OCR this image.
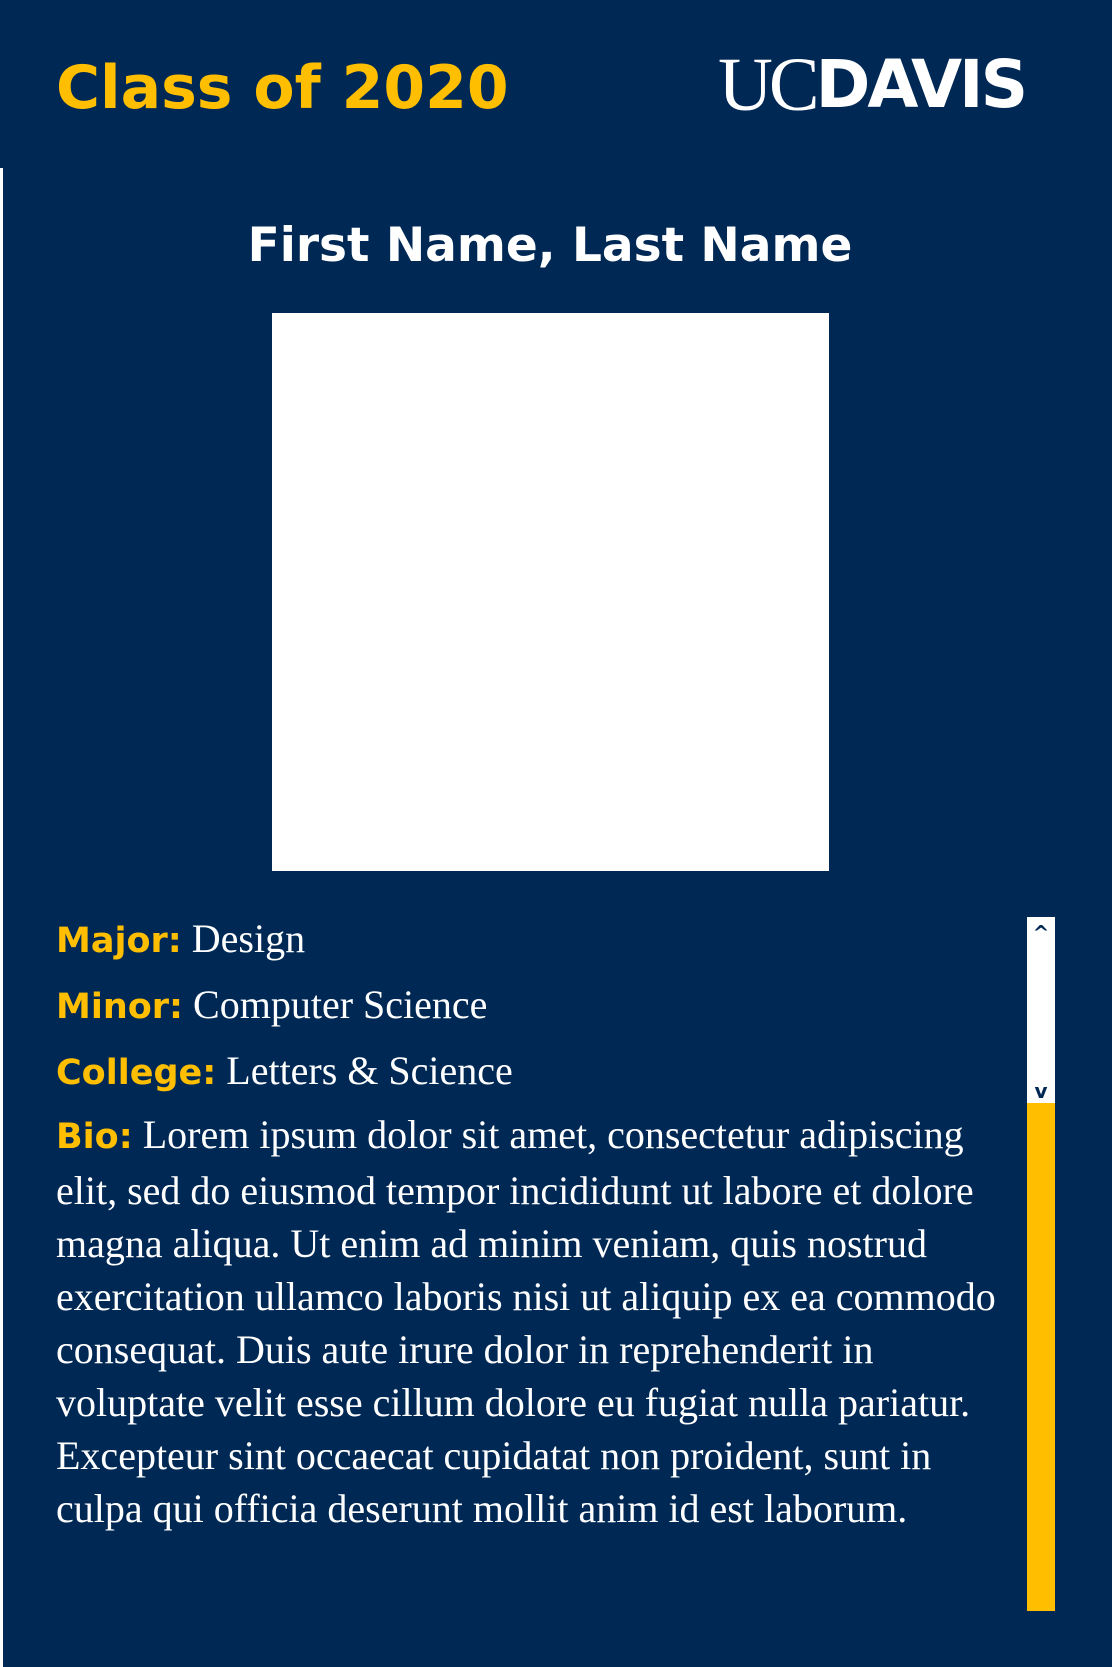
Class of 2020	UC DAVIS
First Name, Last Name
Major: Design
Minor: Computer Science
College: Letters & Science
Bio: Lorem ipsum dolor sit amet, consectetur adipiscing elit, sed do eiusmod tempor incididunt ut labore et dolore magna aliqua. Ut enim ad minim veniam, quis nostrud exercitation ullamco laboris nisi ut aliquip ex ea commodo consequat. Duis aute irure dolor in reprehenderit in voluptate velit esse cillum dolore eu fugiat nulla pariatur. Excepteur sint occaecat cupidatat non proident, sunt in culpa qui officia deserunt mollit anim id est laborum.
^
v
